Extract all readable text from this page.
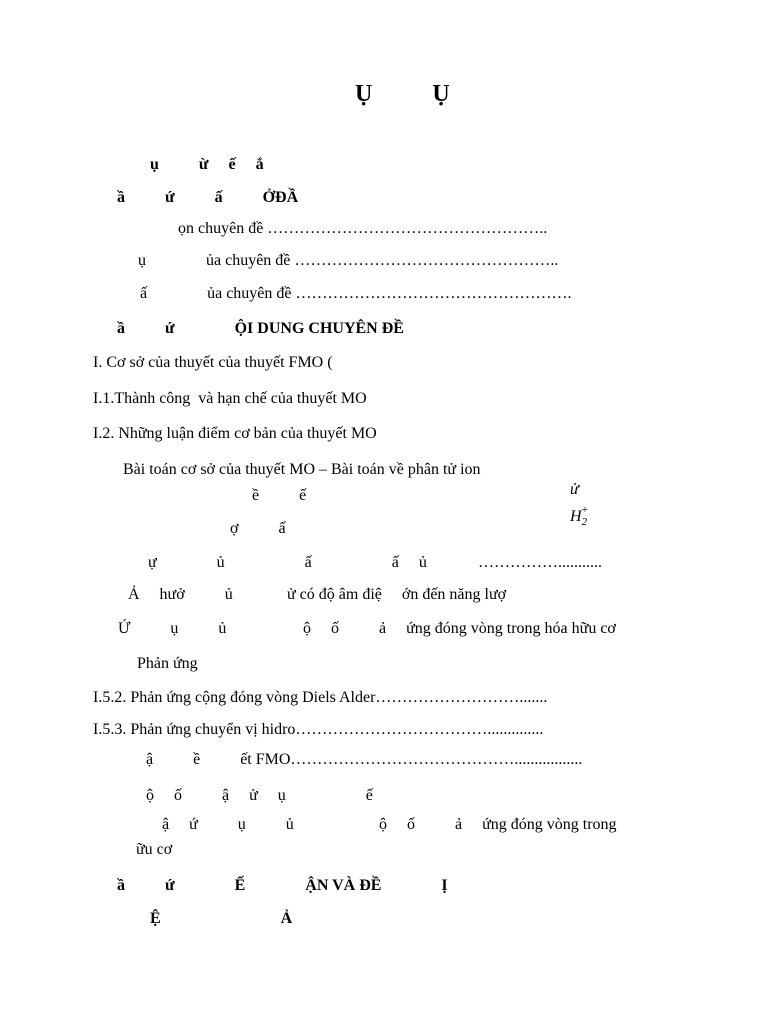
Ụ          Ụ
ụ          ừ     ế     ắ
ầ          ứ          ấ          ỞĐẦ
ọn chuyên đề ……………………………………………..
ụ               ủa chuyên đề …………………………………………..
ấ               ủa chuyên đề …………………………………………….
ầ          ứ               ỘI DUNG CHUYÊN ĐỀ
I. Cơ sở của thuyết của thuyết FMO (
I.1.Thành công  và hạn chế của thuyết MO
I.2. Những luận điểm cơ bản của thuyết MO
Bài toán cơ sở của thuyết MO – Bài toán về phân tử ion

ử
$H_2^+$

ề          ế
ợ          ấ
ự               ủ                    ấ                    ấ     ủ	……………...........
Ả     hưở          ủ	ử có độ âm điệ     ớn đến năng lượ
Ứ          ụ          ủ	ộ     ố          ả     ứng đóng vòng trong hóa hữu cơ
Phản ứng
I.5.2. Phản ứng cộng đóng vòng Diels Alder……………………….......
I.5.3. Phản ứng chuyển vị hidro………………………………..............
ậ          ề          ết FMO…………………………………….................
ộ     ố          ậ     ử     ụ                    ế
ậ     ứ          ụ          ủ	ộ     ố          ả     ứng đóng vòng trong
ữu cơ
ầ          ứ               Ế               ẬN VÀ ĐỀ               Ị
Ệ                              Ả
